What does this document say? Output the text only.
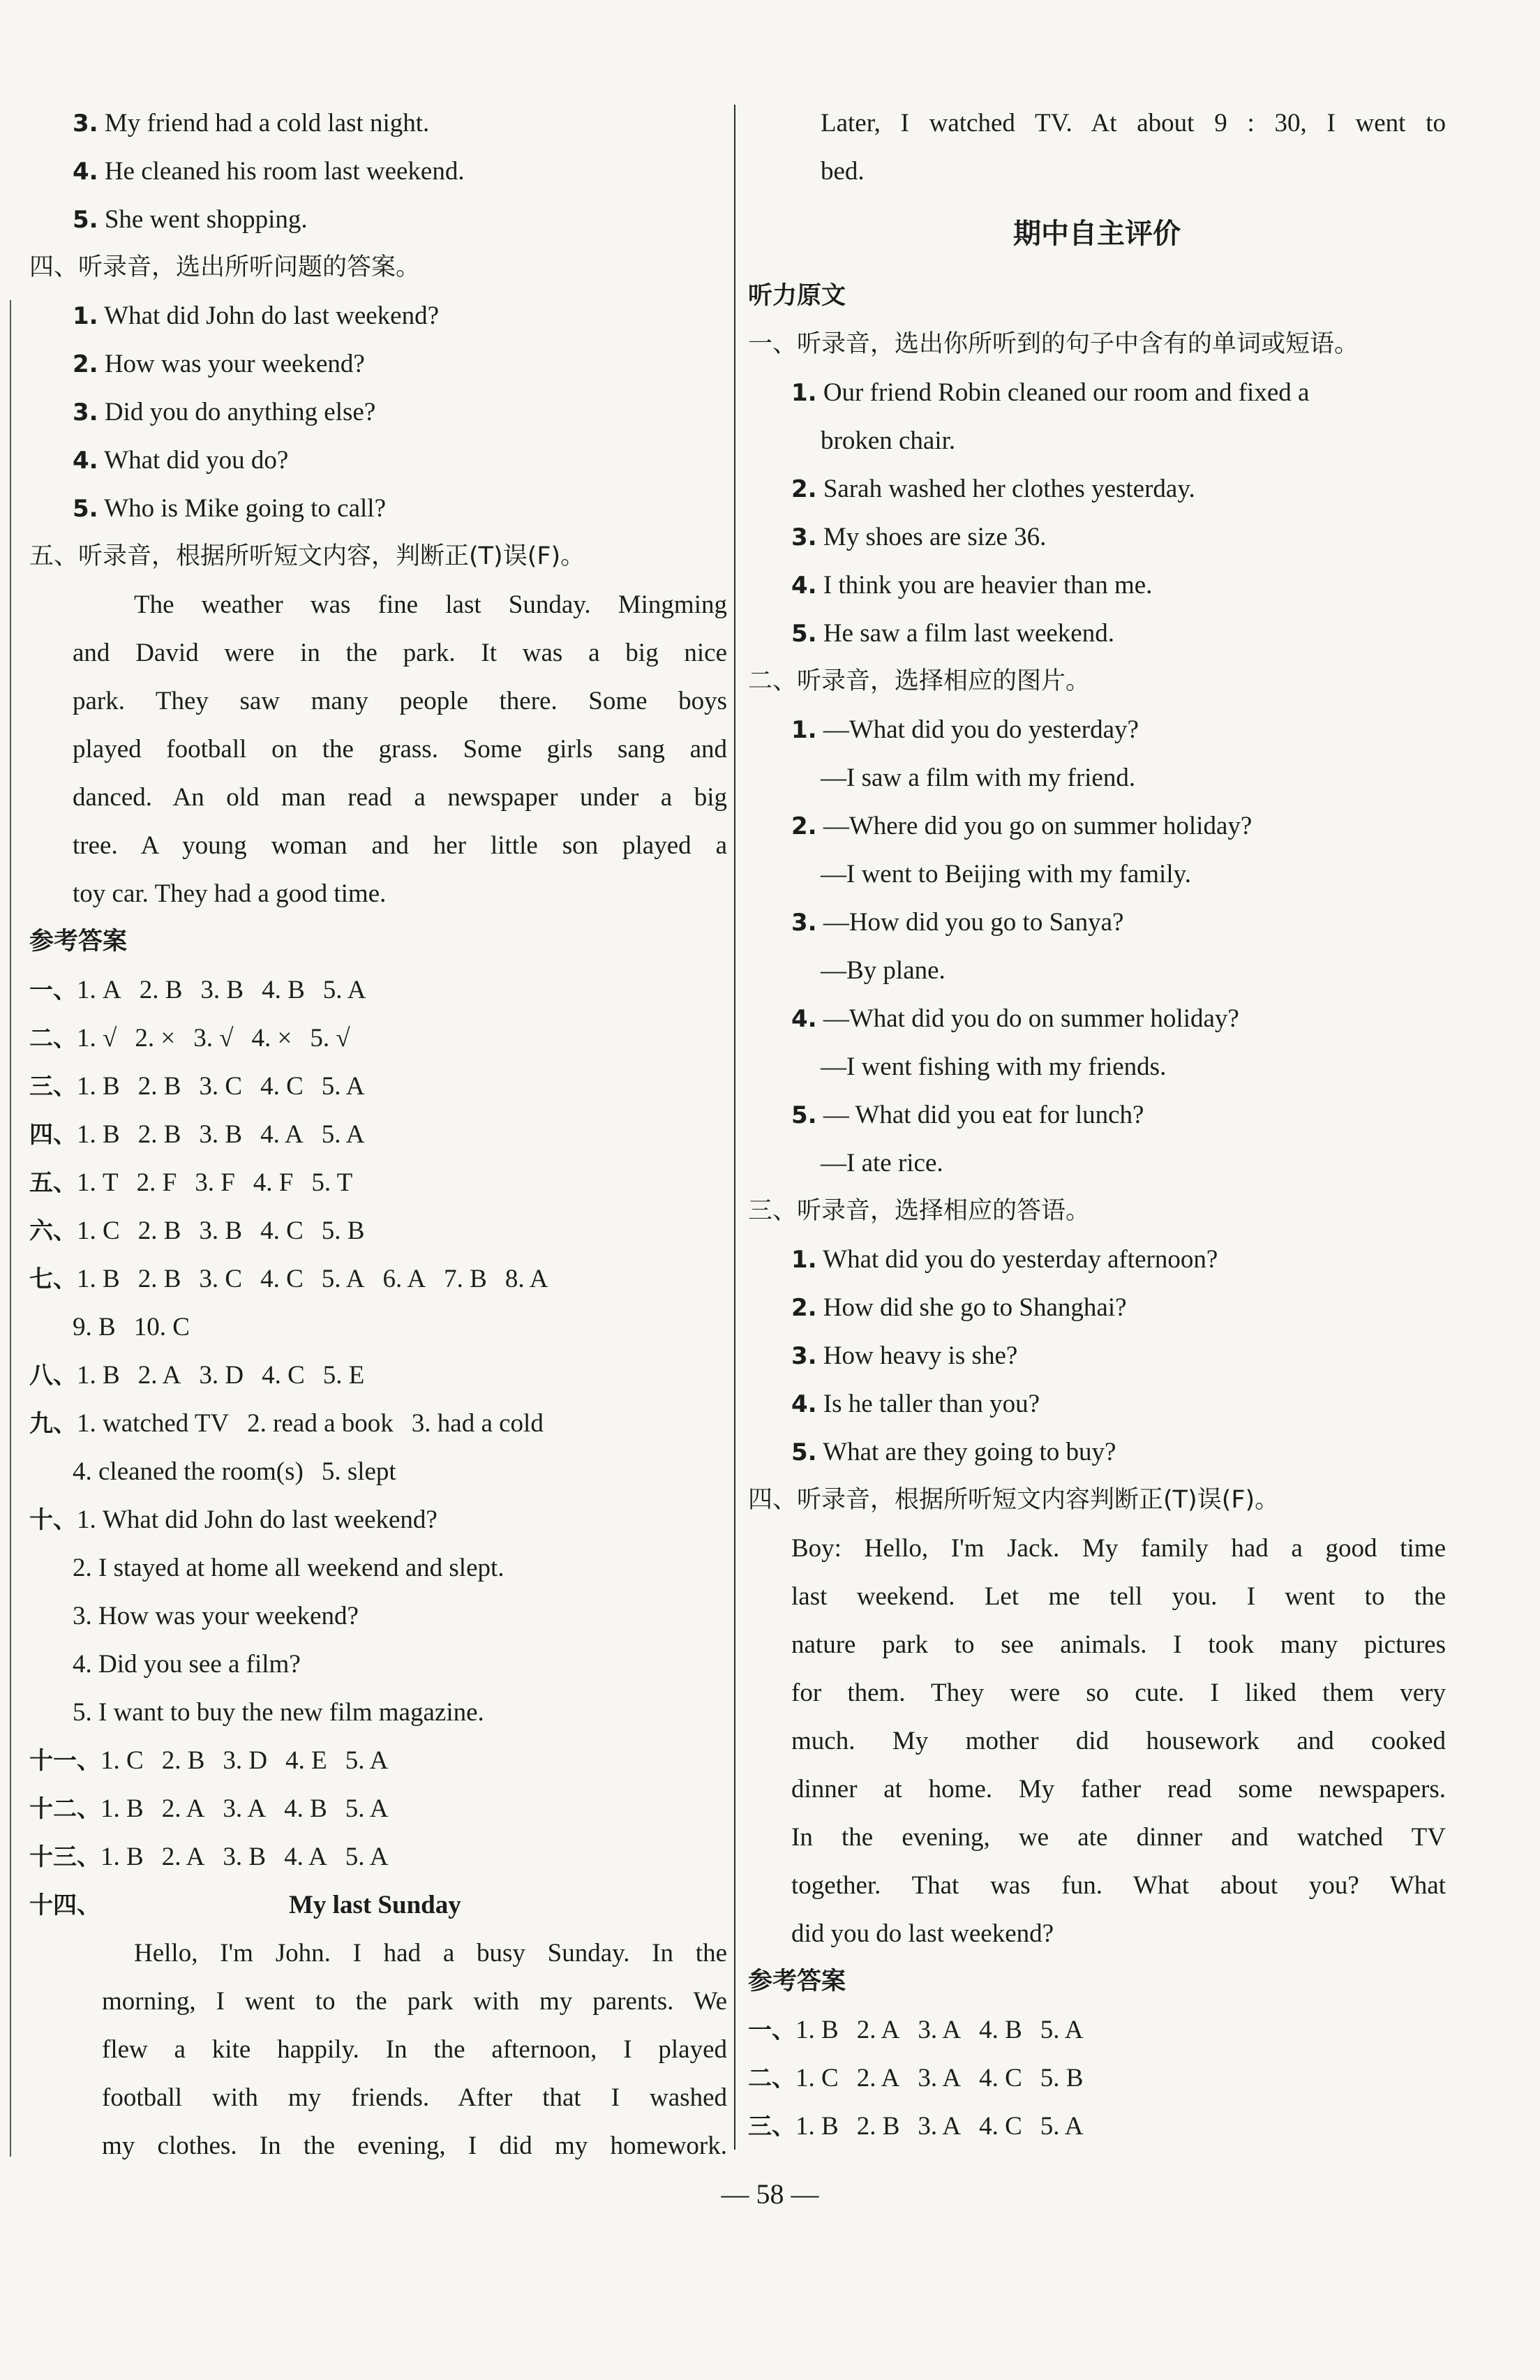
3. My friend had a cold last night.
4. He cleaned his room last weekend.
5. She went shopping.
四、听录音，选出所听问题的答案。
1. What did John do last weekend?
2. How was your weekend?
3. Did you do anything else?
4. What did you do?
5. Who is Mike going to call?
五、听录音，根据所听短文内容，判断正(T)误(F)。
The weather was fine last Sunday. Mingming
and David were in the park. It was a big nice
park. They saw many people there. Some boys
played football on the grass. Some girls sang and
danced. An old man read a newspaper under a big
tree. A young woman and her little son played a
toy car. They had a good time.
参考答案
一、1. A 2. B 3. B 4. B 5. A
二、1. √ 2. × 3. √ 4. × 5. √
三、1. B 2. B 3. C 4. C 5. A
四、1. B 2. B 3. B 4. A 5. A
五、1. T 2. F 3. F 4. F 5. T
六、1. C 2. B 3. B 4. C 5. B
七、1. B 2. B 3. C 4. C 5. A 6. A 7. B 8. A
9. B 10. C
八、1. B 2. A 3. D 4. C 5. E
九、1. watched TV 2. read a book 3. had a cold
4. cleaned the room(s) 5. slept
十、1. What did John do last weekend?
2. I stayed at home all weekend and slept.
3. How was your weekend?
4. Did you see a film?
5. I want to buy the new film magazine.
十一、1. C 2. B 3. D 4. E 5. A
十二、1. B 2. A 3. A 4. B 5. A
十三、1. B 2. A 3. B 4. A 5. A
十四、	My last Sunday
Hello, I'm John. I had a busy Sunday. In the
morning, I went to the park with my parents. We
flew a kite happily. In the afternoon, I played
football with my friends. After that I washed
my clothes. In the evening, I did my homework.
Later, I watched TV. At about 9 : 30, I went to
bed.
期中自主评价
听力原文
一、听录音，选出你所听到的句子中含有的单词或短语。
1. Our friend Robin cleaned our room and fixed a
broken chair.
2. Sarah washed her clothes yesterday.
3. My shoes are size 36.
4. I think you are heavier than me.
5. He saw a film last weekend.
二、听录音，选择相应的图片。
1. —What did you do yesterday?
—I saw a film with my friend.
2. —Where did you go on summer holiday?
—I went to Beijing with my family.
3. —How did you go to Sanya?
—By plane.
4. —What did you do on summer holiday?
—I went fishing with my friends.
5. — What did you eat for lunch?
—I ate rice.
三、听录音，选择相应的答语。
1. What did you do yesterday afternoon?
2. How did she go to Shanghai?
3. How heavy is she?
4. Is he taller than you?
5. What are they going to buy?
四、听录音，根据所听短文内容判断正(T)误(F)。
Boy: Hello, I'm Jack. My family had a good time
last weekend. Let me tell you. I went to the
nature park to see animals. I took many pictures
for them. They were so cute. I liked them very
much. My mother did housework and cooked
dinner at home. My father read some newspapers.
In the evening, we ate dinner and watched TV
together. That was fun. What about you? What
did you do last weekend?
参考答案
一、1. B 2. A 3. A 4. B 5. A
二、1. C 2. A 3. A 4. C 5. B
三、1. B 2. B 3. A 4. C 5. A
— 58 —
